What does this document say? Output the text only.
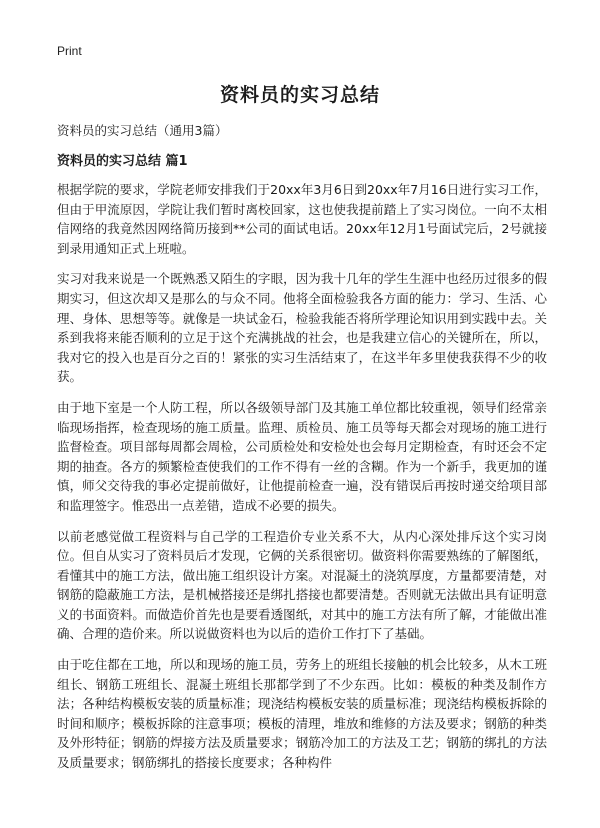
Print
资料员的实习总结

资料员的实习总结（通用3篇）

资料员的实习总结 篇1

根据学院的要求，学院老师安排我们于20xx年3月6日到20xx年7月16日进行实习工作，但由于甲流原因，学院让我们暂时离校回家，这也使我提前踏上了实习岗位。一向不太相信网络的我竟然因网络简历接到**公司的面试电话。20xx年12月1号面试完后，2号就接到录用通知正式上班啦。

实习对我来说是一个既熟悉又陌生的字眼，因为我十几年的学生生涯中也经历过很多的假期实习，但这次却又是那么的与众不同。他将全面检验我各方面的能力：学习、生活、心理、身体、思想等等。就像是一块试金石，检验我能否将所学理论知识用到实践中去。关系到我将来能否顺利的立足于这个充满挑战的社会，也是我建立信心的关键所在，所以，我对它的投入也是百分之百的！紧张的实习生活结束了，在这半年多里使我获得不少的收获。

由于地下室是一个人防工程，所以各级领导部门及其施工单位都比较重视，领导们经常亲临现场指挥，检查现场的施工质量。监理、质检员、施工员等每天都会对现场的施工进行监督检查。项目部每周都会周检，公司质检处和安检处也会每月定期检查，有时还会不定期的抽查。各方的频繁检查使我们的工作不得有一丝的含糊。作为一个新手，我更加的谨慎，师父交待我的事必定提前做好，让他提前检查一遍，没有错误后再按时递交给项目部和监理签字。惟恐出一点差错，造成不必要的损失。

以前老感觉做工程资料与自己学的工程造价专业关系不大，从内心深处排斥这个实习岗位。但自从实习了资料员后才发现，它俩的关系很密切。做资料你需要熟练的了解图纸，看懂其中的施工方法，做出施工组织设计方案。对混凝土的浇筑厚度，方量都要清楚，对钢筋的隐蔽施工方法，是机械搭接还是绑扎搭接也都要清楚。否则就无法做出具有证明意义的书面资料。而做造价首先也是要看透图纸，对其中的施工方法有所了解，才能做出准确、合理的造价来。所以说做资料也为以后的造价工作打下了基础。

由于吃住都在工地，所以和现场的施工员，劳务上的班组长接触的机会比较多，从木工班组长、钢筋工班组长、混凝土班组长那都学到了不少东西。比如：模板的种类及制作方法；各种结构模板安装的质量标准；现浇结构模板安装的质量标准；现浇结构模板拆除的时间和顺序；模板拆除的注意事项；模板的清理，堆放和维修的方法及要求；钢筋的种类及外形特征；钢筋的焊接方法及质量要求；钢筋冷加工的方法及工艺；钢筋的绑扎的方法及质量要求；钢筋绑扎的搭接长度要求；各种构件
